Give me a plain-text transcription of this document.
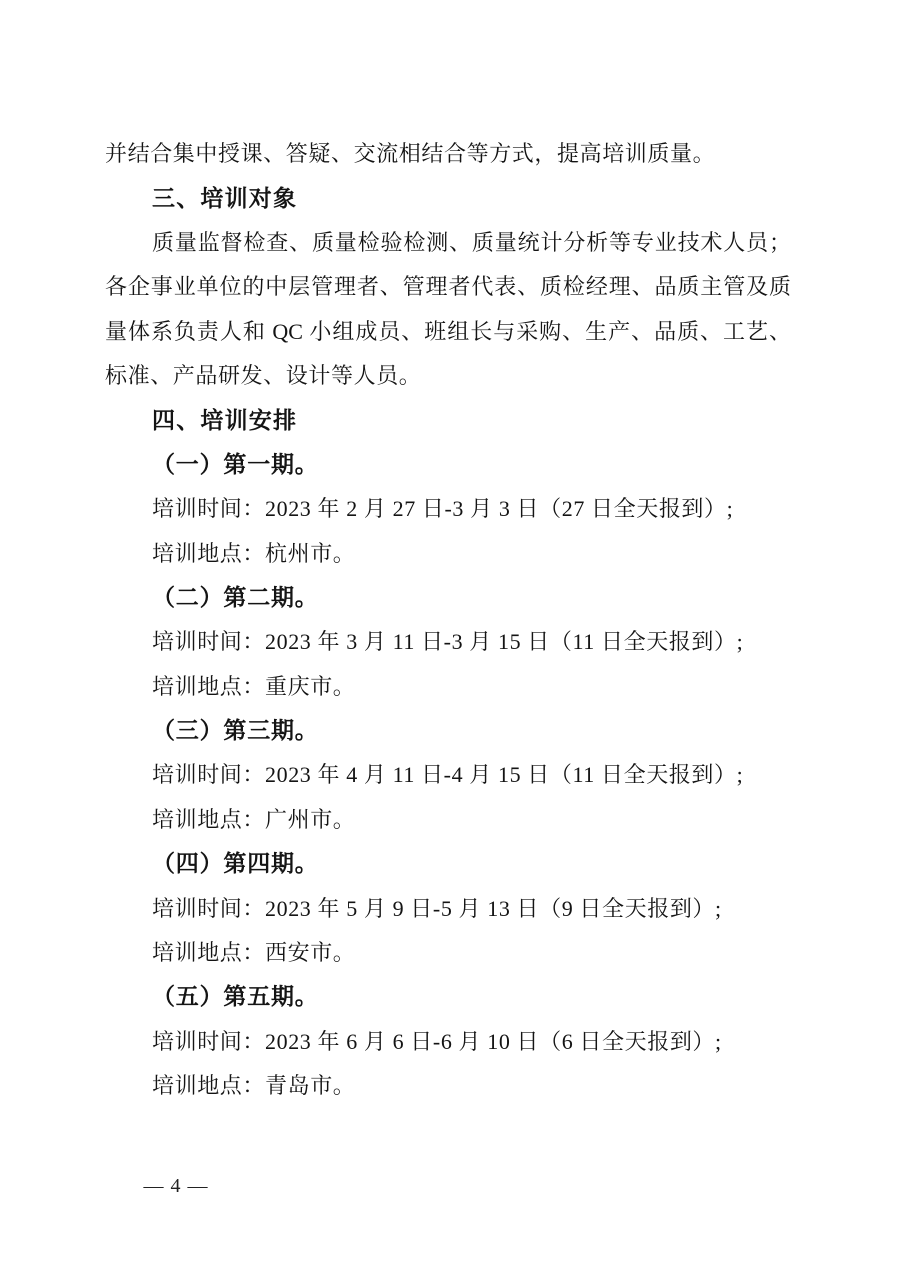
并结合集中授课、答疑、交流相结合等方式，提高培训质量。
三、培训对象
质量监督检查、质量检验检测、质量统计分析等专业技术人员；
各企事业单位的中层管理者、管理者代表、质检经理、品质主管及质
量体系负责人和 QC 小组成员、班组长与采购、生产、品质、工艺、
标准、产品研发、设计等人员。
四、培训安排
（一）第一期。
培训时间：2023 年 2 月 27 日-3 月 3 日（27 日全天报到）;
培训地点：杭州市。
（二）第二期。
培训时间：2023 年 3 月 11 日-3 月 15 日（11 日全天报到）;
培训地点：重庆市。
（三）第三期。
培训时间：2023 年 4 月 11 日-4 月 15 日（11 日全天报到）;
培训地点：广州市。
（四）第四期。
培训时间：2023 年 5 月 9 日-5 月 13 日（9 日全天报到）;
培训地点：西安市。
（五）第五期。
培训时间：2023 年 6 月 6 日-6 月 10 日（6 日全天报到）;
培训地点：青岛市。
— 4 —
